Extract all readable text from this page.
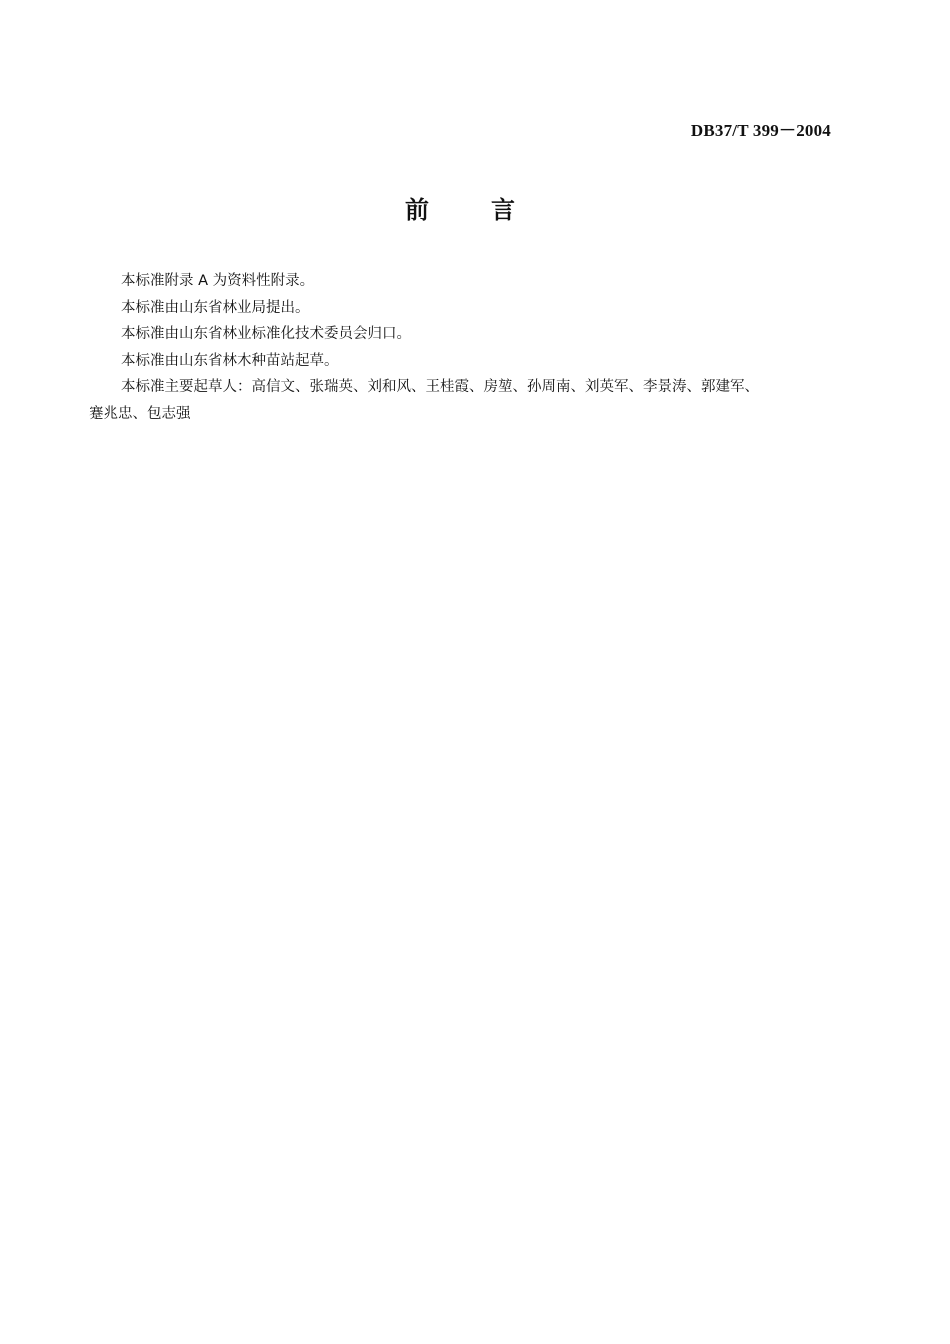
DB37/T 399－2004
前言

本标准附录 A 为资料性附录。

本标准由山东省林业局提出。

本标准由山东省林业标准化技术委员会归口。

本标准由山东省林木种苗站起草。

本标准主要起草人：高信文、张瑞英、刘和风、王桂霞、房堃、孙周南、刘英军、李景涛、郭建军、

蹇兆忠、包志强
